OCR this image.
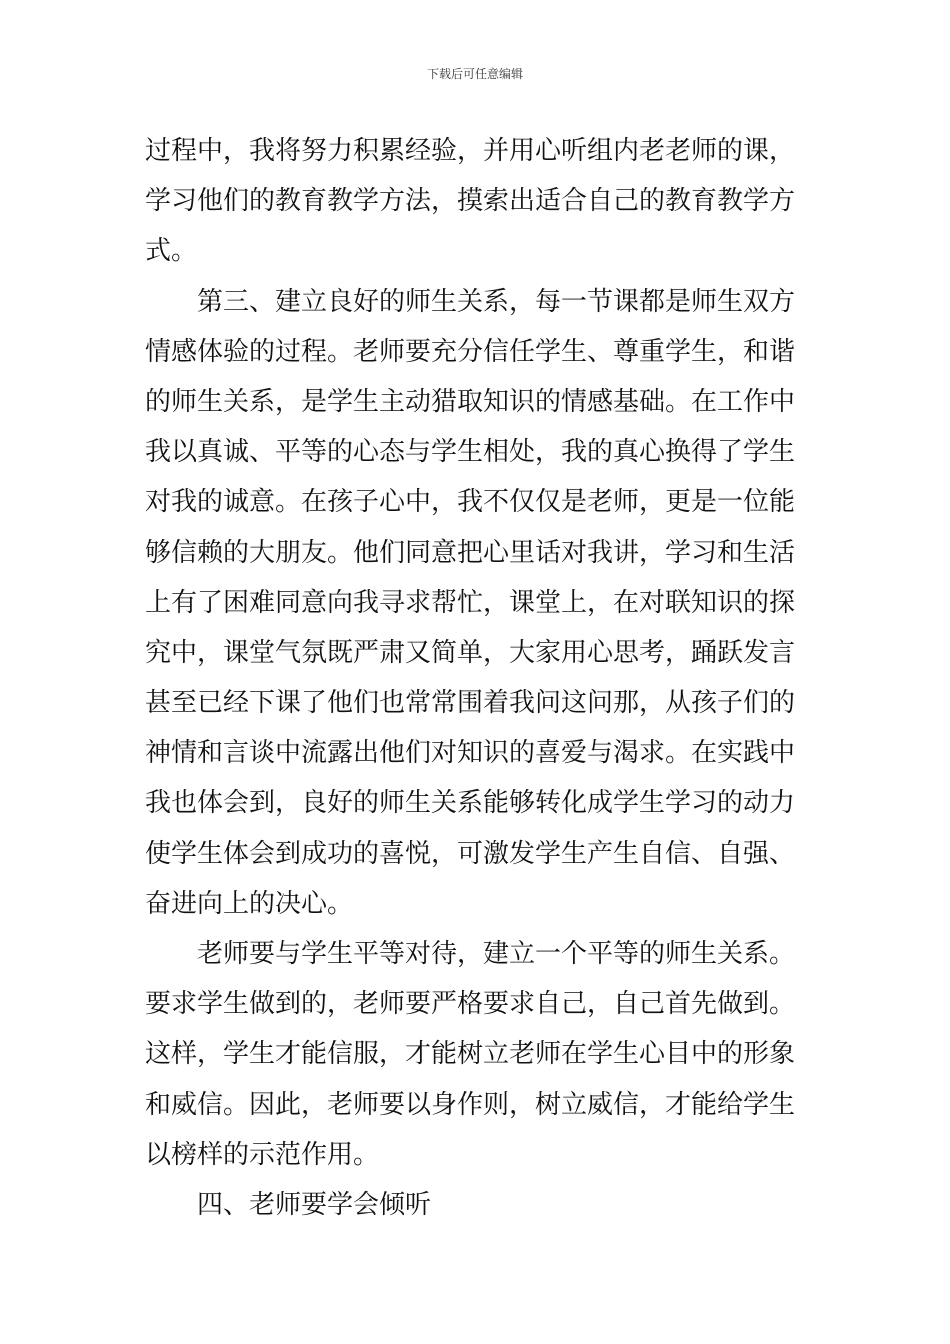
下载后可任意编辑
过程中，我将努力积累经验，并用心听组内老老师的课，
学习他们的教育教学方法，摸索出适合自己的教育教学方
式。
第三、建立良好的师生关系，每一节课都是师生双方
情感体验的过程。老师要充分信任学生、尊重学生，和谐
的师生关系，是学生主动猎取知识的情感基础。在工作中
我以真诚、平等的心态与学生相处，我的真心换得了学生
对我的诚意。在孩子心中，我不仅仅是老师，更是一位能
够信赖的大朋友。他们同意把心里话对我讲，学习和生活
上有了困难同意向我寻求帮忙，课堂上，在对联知识的探
究中，课堂气氛既严肃又简单，大家用心思考，踊跃发言
甚至已经下课了他们也常常围着我问这问那，从孩子们的
神情和言谈中流露出他们对知识的喜爱与渴求。在实践中
我也体会到，良好的师生关系能够转化成学生学习的动力
使学生体会到成功的喜悦，可激发学生产生自信、自强、
奋进向上的决心。
老师要与学生平等对待，建立一个平等的师生关系。
要求学生做到的，老师要严格要求自己，自己首先做到。
这样，学生才能信服，才能树立老师在学生心目中的形象
和威信。因此，老师要以身作则，树立威信，才能给学生
以榜样的示范作用。
四、老师要学会倾听
